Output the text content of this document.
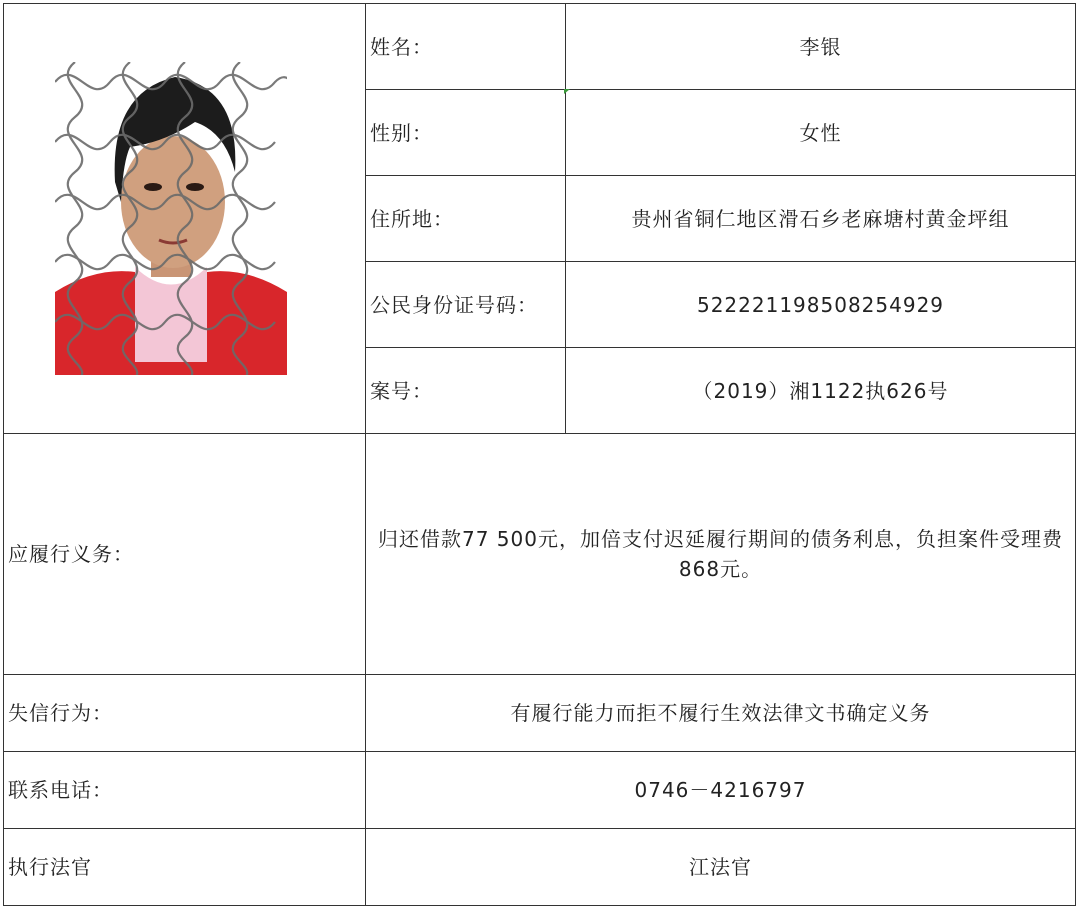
	姓名：	李银
	性别：	女性
	住所地：	贵州省铜仁地区滑石乡老麻塘村黄金坪组
	公民身份证号码：	522221198508254929
	案号：	（2019）湘1122执626号
应履行义务：	归还借款77 500元，加倍支付迟延履行期间的债务利息，负担案件受理费868元。	
失信行为：	有履行能力而拒不履行生效法律文书确定义务	
联系电话：	0746－4216797	
执行法官	江法官	
